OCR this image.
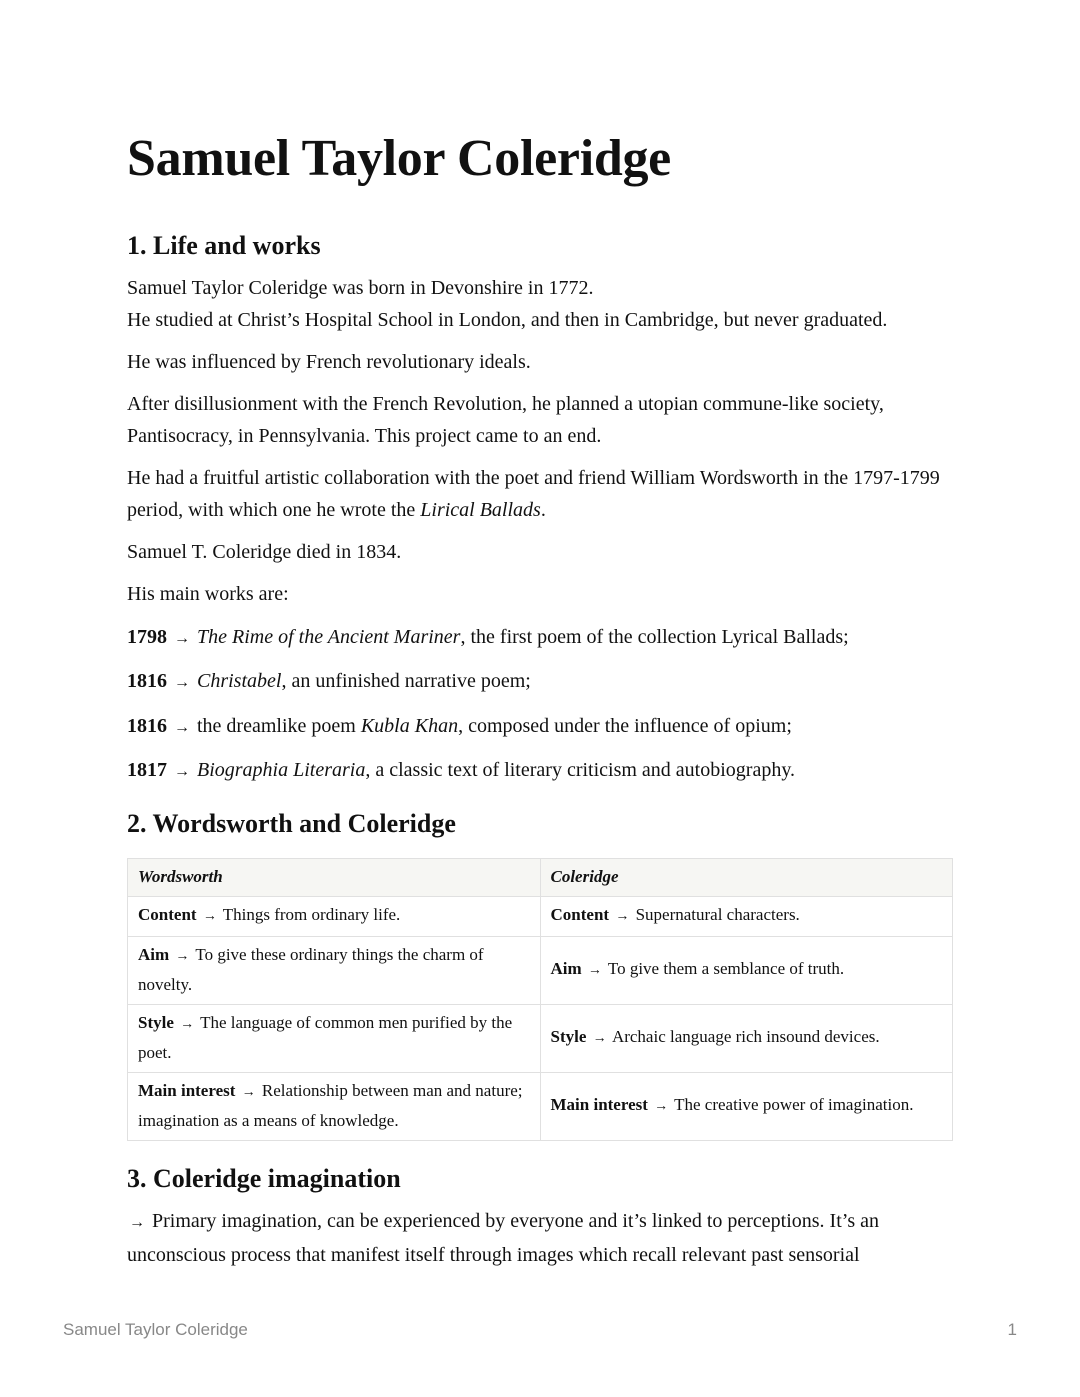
Samuel Taylor Coleridge
1. Life and works

Samuel Taylor Coleridge was born in Devonshire in 1772.
He studied at Christ’s Hospital School in London, and then in Cambridge, but never graduated.

He was influenced by French revolutionary ideals.

After disillusionment with the French Revolution, he planned a utopian commune-like society, Pantisocracy, in Pennsylvania. This project came to an end.

He had a fruitful artistic collaboration with the poet and friend William Wordsworth in the 1797-1799 period, with which one he wrote the Lirical Ballads.

Samuel T. Coleridge died in 1834.

His main works are:

1798 → The Rime of the Ancient Mariner, the first poem of the collection Lyrical Ballads;
1816 → Christabel, an unfinished narrative poem;
1816 → the dreamlike poem Kubla Khan, composed under the influence of opium;
1817 → Biographia Literaria, a classic text of literary criticism and autobiography.
2. Wordsworth and Coleridge
Wordsworth	Coleridge
Content → Things from ordinary life.	Content → Supernatural characters.
Aim → To give these ordinary things the charm of novelty.	Aim → To give them a semblance of truth.
Style → The language of common men purified by the poet.	Style → Archaic language rich insound devices.
Main interest → Relationship between man and nature; imagination as a means of knowledge.	Main interest → The creative power of imagination.
3. Coleridge imagination

→ Primary imagination, can be experienced by everyone and it’s linked to perceptions. It’s an unconscious process that manifest itself through images which recall relevant past sensorial

Samuel Taylor Coleridge	1
